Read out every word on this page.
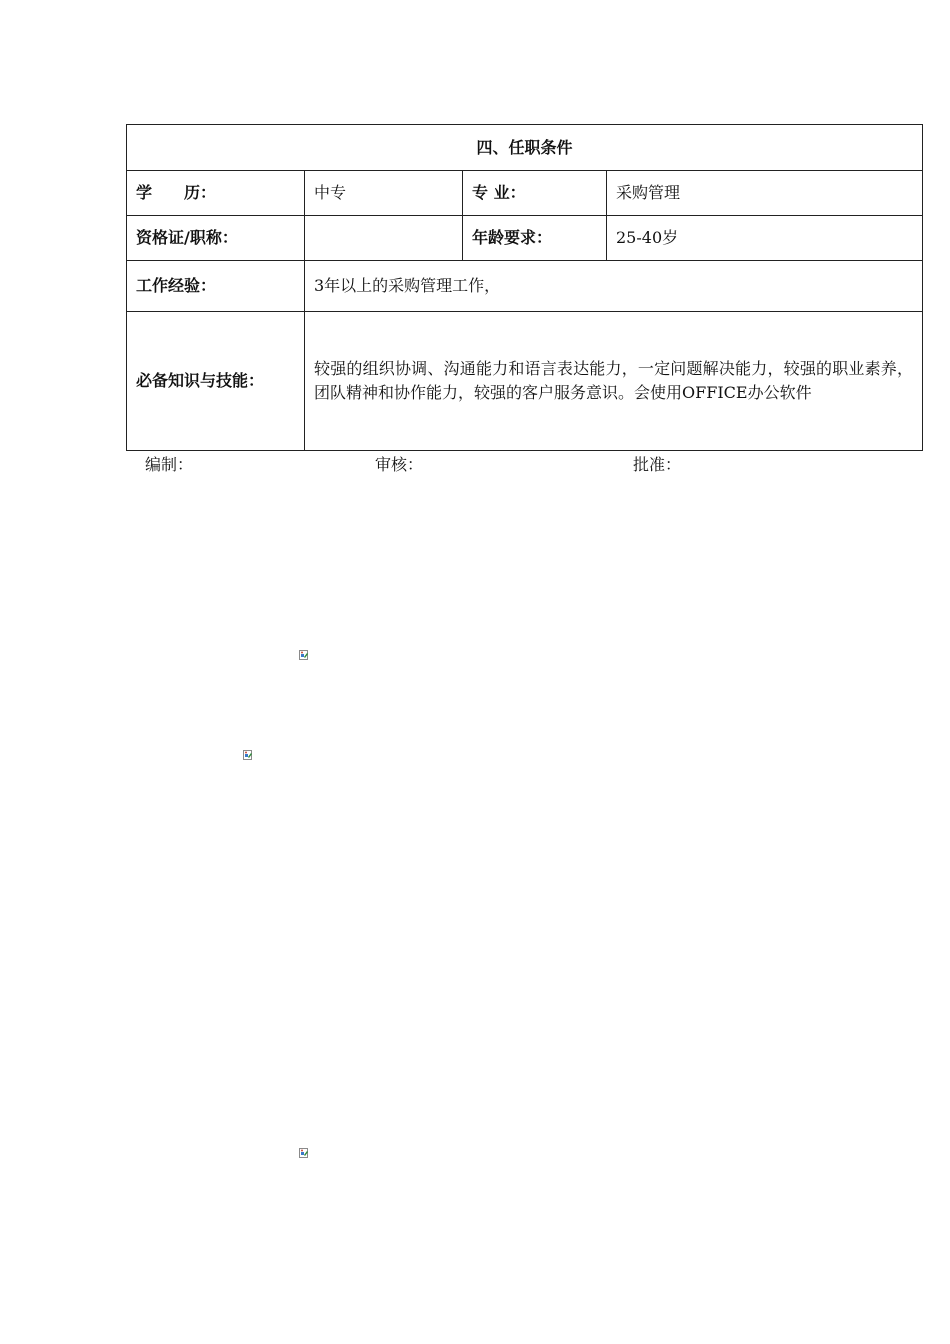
四、任职条件			
学　　历：	中专	专 业：	采购管理
资格证/职称：		年龄要求：	25-40岁
工作经验：	3年以上的采购管理工作，		
必备知识与技能：	较强的组织协调、沟通能力和语言表达能力，一定问题解决能力，较强的职业素养，团队精神和协作能力，较强的客户服务意识。会使用OFFICE办公软件		
编制：	审核：	批准：
